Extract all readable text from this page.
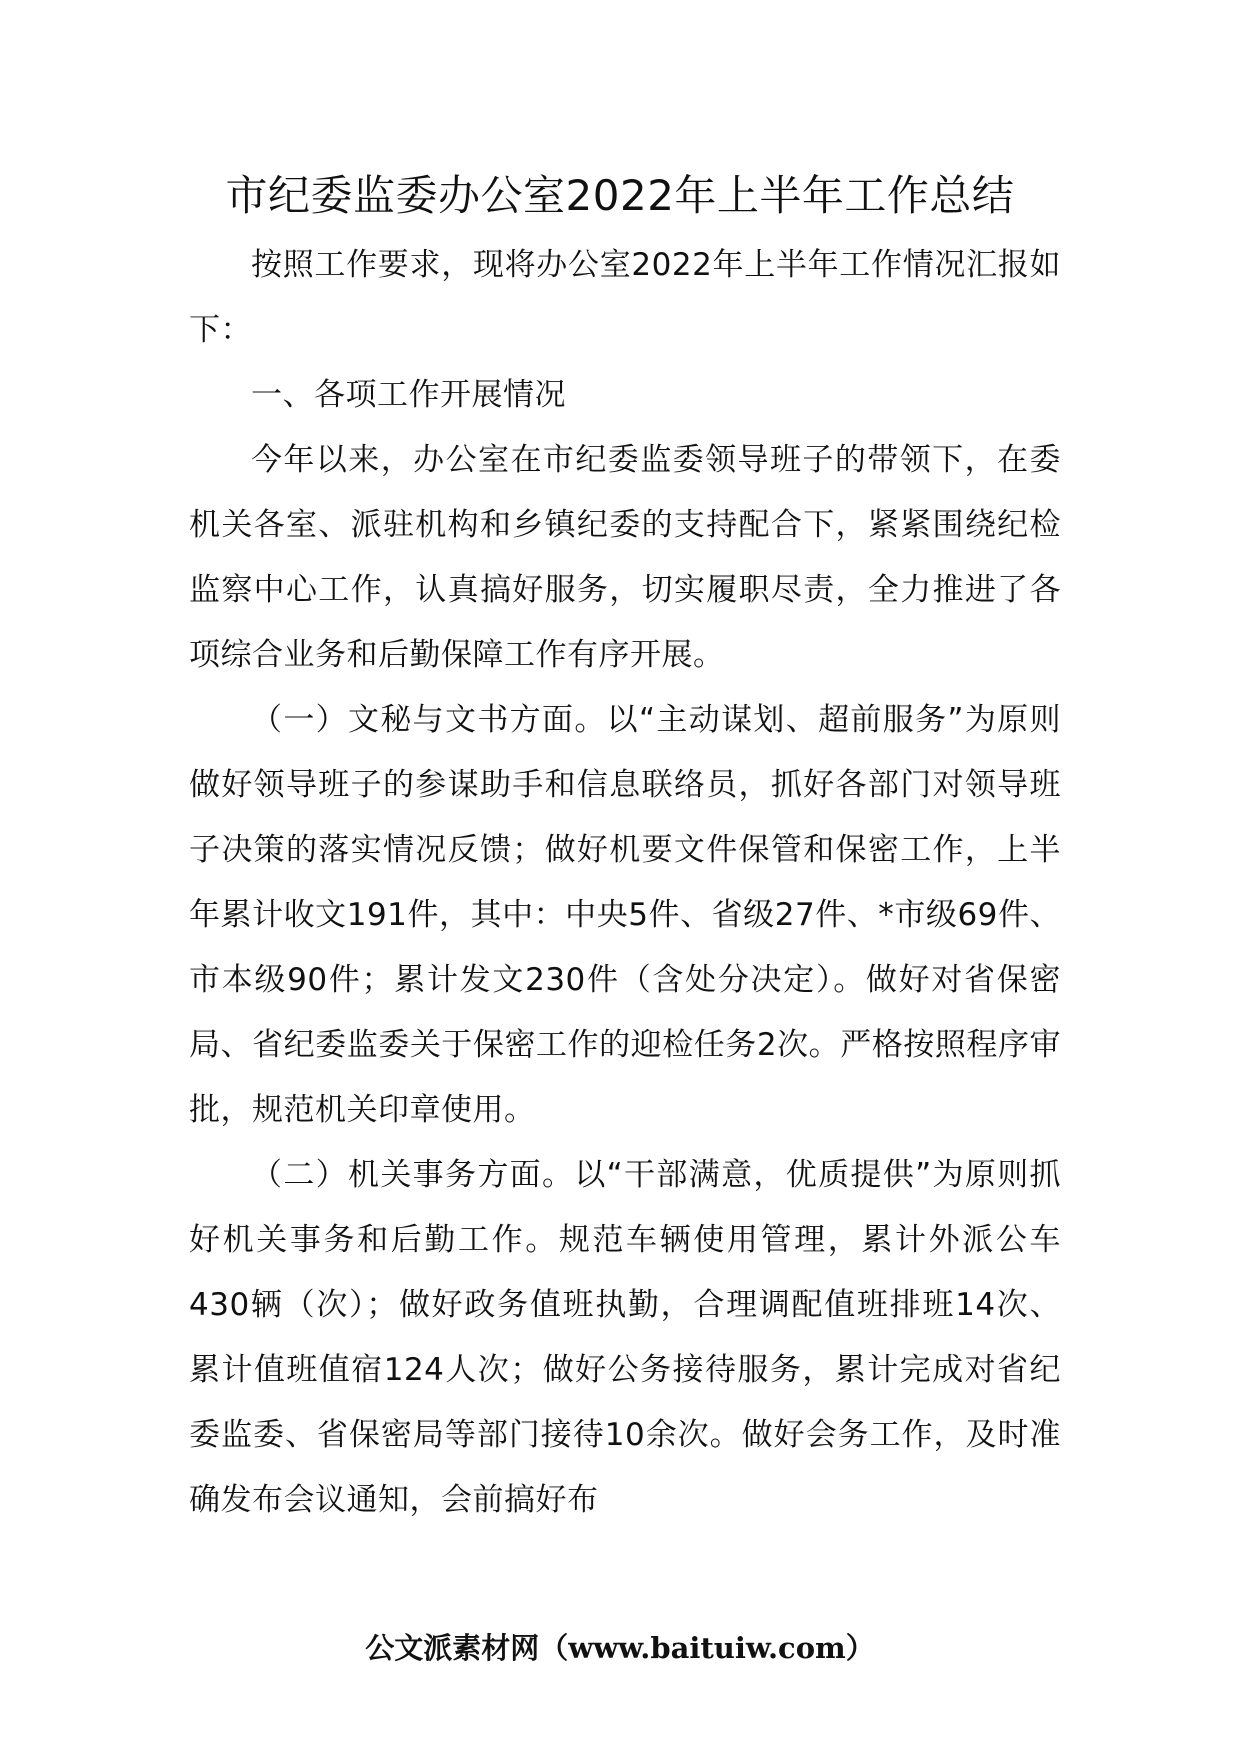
市纪委监委办公室2022年上半年工作总结

按照工作要求，现将办公室2022年上半年工作情况汇报如下：

一、各项工作开展情况

今年以来，办公室在市纪委监委领导班子的带领下，在委机关各室、派驻机构和乡镇纪委的支持配合下，紧紧围绕纪检监察中心工作，认真搞好服务，切实履职尽责，全力推进了各项综合业务和后勤保障工作有序开展。

（一）文秘与文书方面。以“主动谋划、超前服务”为原则做好领导班子的参谋助手和信息联络员，抓好各部门对领导班子决策的落实情况反馈；做好机要文件保管和保密工作，上半年累计收文191件，其中：中央5件、省级27件、*市级69件、市本级90件；累计发文230件（含处分决定）。做好对省保密局、省纪委监委关于保密工作的迎检任务2次。严格按照程序审批，规范机关印章使用。

（二）机关事务方面。以“干部满意，优质提供”为原则抓好机关事务和后勤工作。规范车辆使用管理，累计外派公车430辆（次）；做好政务值班执勤，合理调配值班排班14次、累计值班值宿124人次；做好公务接待服务，累计完成对省纪委监委、省保密局等部门接待10余次。做好会务工作，及时准确发布会议通知，会前搞好布

公文派素材网（www.baituiw.com）
